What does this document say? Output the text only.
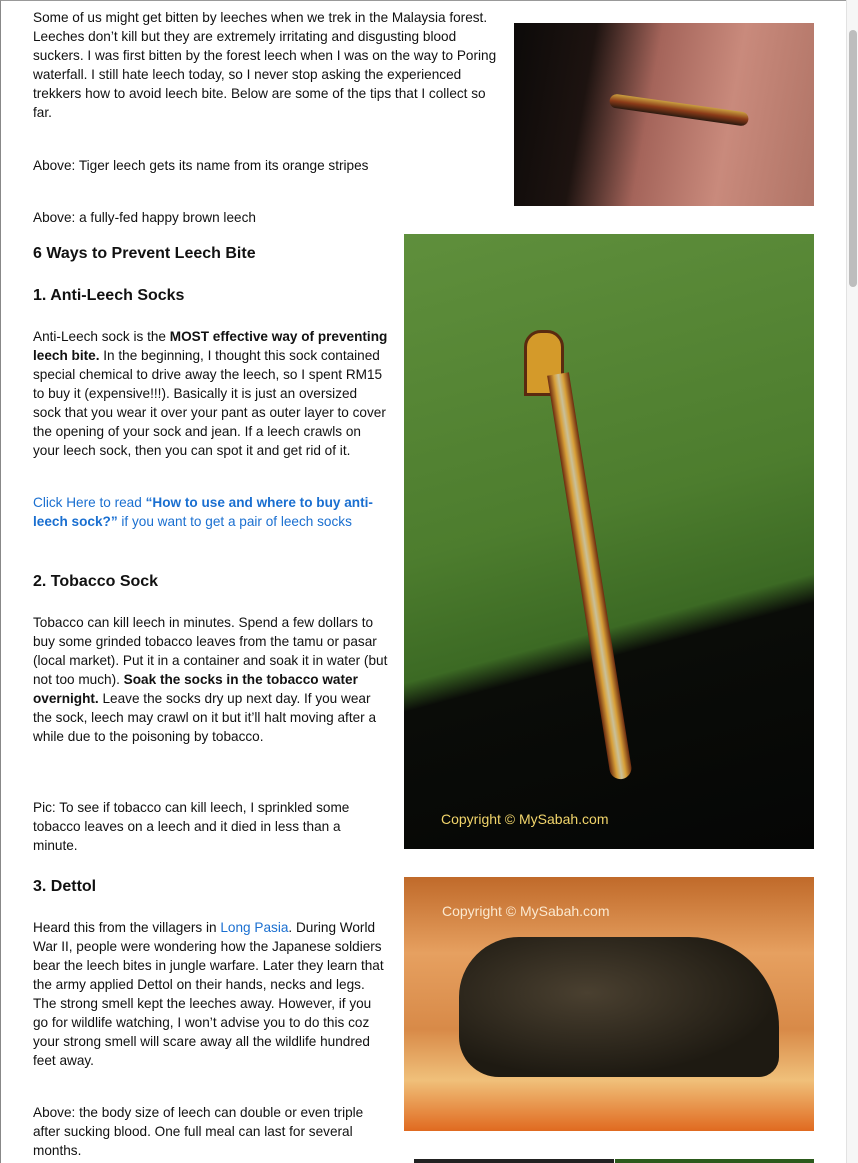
Some of us might get bitten by leeches when we trek in the Malaysia forest. Leeches don’t kill but they are extremely irritating and disgusting blood suckers. I was first bitten by the forest leech when I was on the way to Poring waterfall. I still hate leech today, so I never stop asking the experienced trekkers how to avoid leech bite. Below are some of the tips that I collect so far.

Above: Tiger leech gets its name from its orange stripes

Above: a fully-fed happy brown leech

6 Ways to Prevent Leech Bite
1. Anti-Leech Socks

Anti-Leech sock is the MOST effective way of preventing leech bite. In the beginning, I thought this sock contained special chemical to drive away the leech, so I spent RM15 to buy it (expensive!!!). Basically it is just an oversized sock that you wear it over your pant as outer layer to cover the opening of your sock and jean. If a leech crawls on your leech sock, then you can spot it and get rid of it.

Click Here to read “How to use and where to buy anti-leech sock?” if you want to get a pair of leech socks

2. Tobacco Sock

Tobacco can kill leech in minutes. Spend a few dollars to buy some grinded tobacco leaves from the tamu or pasar (local market). Put it in a container and soak it in water (but not too much). Soak the socks in the tobacco water overnight. Leave the socks dry up next day. If you wear the sock, leech may crawl on it but it’ll halt moving after a while due to the poisoning by tobacco.

Pic: To see if tobacco can kill leech, I sprinkled some tobacco leaves on a leech and it died in less than a minute.

Copyright © MySabah.com
3. Dettol

Heard this from the villagers in Long Pasia. During World War II, people were wondering how the Japanese soldiers bear the leech bites in jungle warfare. Later they learn that the army applied Dettol on their hands, necks and legs. The strong smell kept the leeches away. However, if you go for wildlife watching, I won’t advise you to do this coz your strong smell will scare away all the wildlife hundred feet away.

Above: the body size of leech can double or even triple after sucking blood. One full meal can last for several months.

Copyright © MySabah.com
